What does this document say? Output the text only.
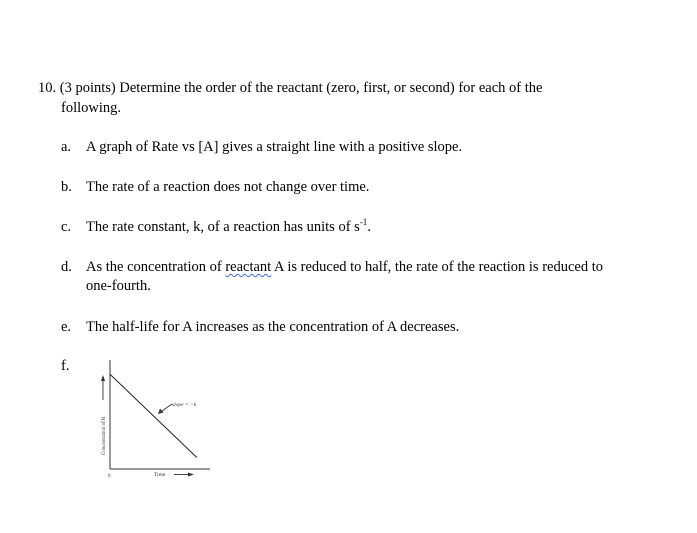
10. (3 points) Determine the order of the reactant (zero, first, or second) for each of the
following.
a. A graph of Rate vs [A] gives a straight line with a positive slope.
b. The rate of a reaction does not change over time.
c. The rate constant, k, of a reaction has units of $s^{-1}$.
d. As the concentration of reactant A is reduced to half, the rate of the reaction is reduced to
one-fourth.
e. The half-life for A increases as the concentration of A decreases.
f.
Concentration of R
Time
0
slope = −k
